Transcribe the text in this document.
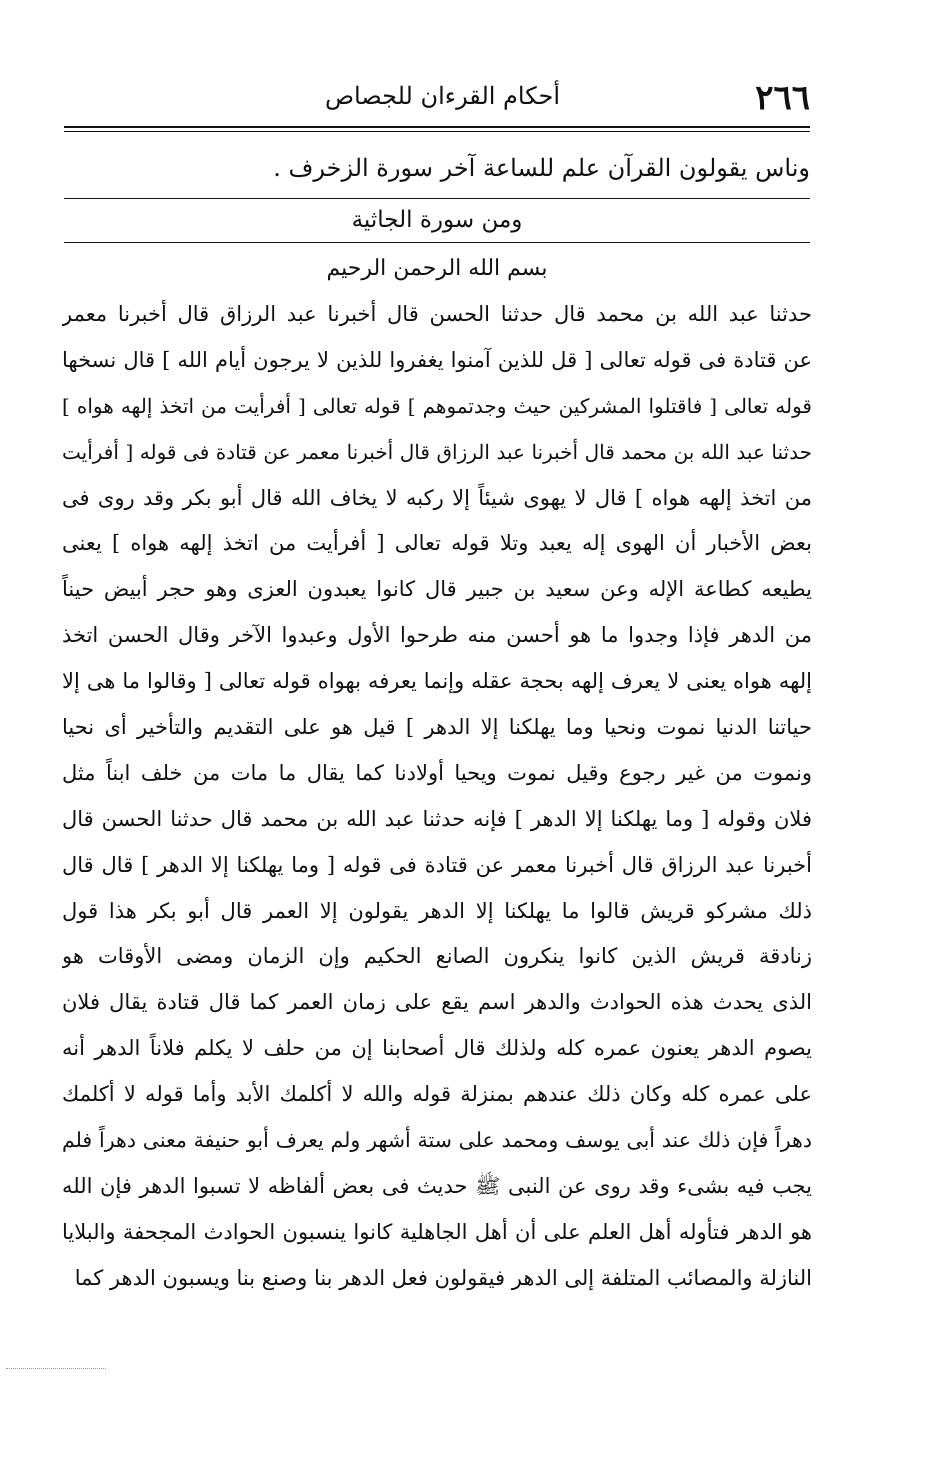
٢٦٦
أحكام القرءان للجصاص
وناس يقولون القرآن علم للساعة آخر سورة الزخرف .
ومن سورة الجاثية
بسم الله الرحمن الرحيم
حدثنا عبد الله بن محمد قال حدثنا الحسن قال أخبرنا عبد الرزاق قال أخبرنا معمر
عن قتادة فى قوله تعالى [ قل للذين آمنوا يغفروا للذين لا يرجون أيام الله ] قال نسخها
قوله تعالى [ فاقتلوا المشركين حيث وجدتموهم ] قوله تعالى [ أفرأيت من اتخذ إلهه هواه ]
حدثنا عبد الله بن محمد قال أخبرنا عبد الرزاق قال أخبرنا معمر عن قتادة فى قوله [ أفرأيت
من اتخذ إلهه هواه ] قال لا يهوى شيئاً إلا ركبه لا يخاف الله قال أبو بكر وقد روى فى
بعض الأخبار أن الهوى إله يعبد وتلا قوله تعالى [ أفرأيت من اتخذ إلهه هواه ] يعنى
يطيعه كطاعة الإله وعن سعيد بن جبير قال كانوا يعبدون العزى وهو حجر أبيض حيناً
من الدهر فإذا وجدوا ما هو أحسن منه طرحوا الأول وعبدوا الآخر وقال الحسن اتخذ
إلهه هواه يعنى لا يعرف إلهه بحجة عقله وإنما يعرفه بهواه قوله تعالى [ وقالوا ما هى إلا
حياتنا الدنيا نموت ونحيا وما يهلكنا إلا الدهر ] قيل هو على التقديم والتأخير أى نحيا
ونموت من غير رجوع وقيل نموت ويحيا أولادنا كما يقال ما مات من خلف ابناً مثل
فلان وقوله [ وما يهلكنا إلا الدهر ] فإنه حدثنا عبد الله بن محمد قال حدثنا الحسن قال
أخبرنا عبد الرزاق قال أخبرنا معمر عن قتادة فى قوله [ وما يهلكنا إلا الدهر ] قال قال
ذلك مشركو قريش قالوا ما يهلكنا إلا الدهر يقولون إلا العمر قال أبو بكر هذا قول
زنادقة قريش الذين كانوا ينكرون الصانع الحكيم وإن الزمان ومضى الأوقات هو
الذى يحدث هذه الحوادث والدهر اسم يقع على زمان العمر كما قال قتادة يقال فلان
يصوم الدهر يعنون عمره كله ولذلك قال أصحابنا إن من حلف لا يكلم فلاناً الدهر أنه
على عمره كله وكان ذلك عندهم بمنزلة قوله والله لا أكلمك الأبد وأما قوله لا أكلمك
دهراً فإن ذلك عند أبى يوسف ومحمد على ستة أشهر ولم يعرف أبو حنيفة معنى دهراً فلم
يجب فيه بشىء وقد روى عن النبى ﷺ حديث فى بعض ألفاظه لا تسبوا الدهر فإن الله
هو الدهر فتأوله أهل العلم على أن أهل الجاهلية كانوا ينسبون الحوادث المجحفة والبلايا
النازلة والمصائب المتلفة إلى الدهر فيقولون فعل الدهر بنا وصنع بنا ويسبون الدهر كما
